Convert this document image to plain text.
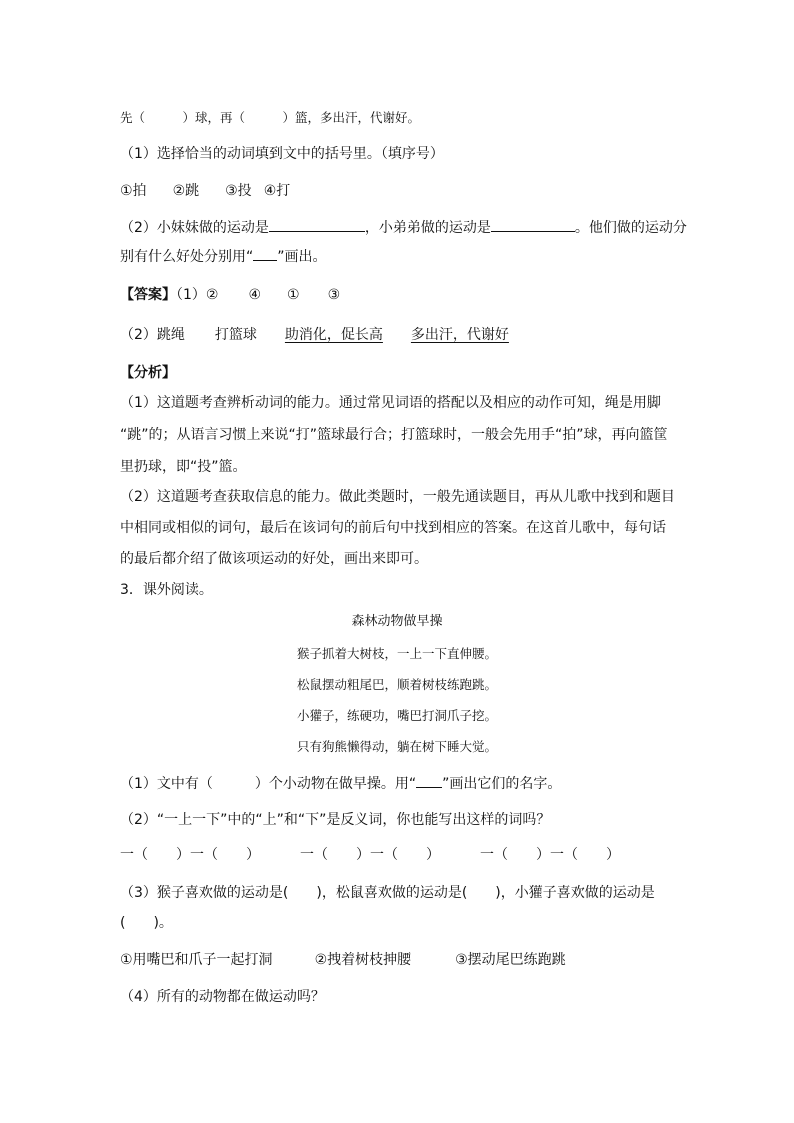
先（　　　）球，再（　　　）篮，多出汗，代谢好。
（1）选择恰当的动词填到文中的括号里。（填序号）
①拍 ②跳 ③投 ④打
（2）小妹妹做的运动是	，小弟弟做的运动是	。他们做的运动分
别有什么好处分别用“ ”画出。
【答案】（1）② ④ ① ③
（2）跳绳 打篮球 助消化，促长高 多出汗，代谢好
【分析】
（1）这道题考查辨析动词的能力。通过常见词语的搭配以及相应的动作可知，绳是用脚
“跳”的；从语言习惯上来说“打”篮球最行合；打篮球时，一般会先用手“拍”球，再向篮筐
里扔球，即“投”篮。
（2）这道题考查获取信息的能力。做此类题时，一般先通读题目，再从儿歌中找到和题目
中相同或相似的词句，最后在该词句的前后句中找到相应的答案。在这首儿歌中，每句话
的最后都介绍了做该项运动的好处，画出来即可。
3．课外阅读。
森林动物做早操
猴子抓着大树枝，一上一下直伸腰。
松鼠摆动粗尾巴，顺着树枝练跑跳。
小獾子，练硬功，嘴巴打洞爪子挖。
只有狗熊懒得动，躺在树下睡大觉。
（1）文中有（　　　）个小动物在做早操。用“ ”画出它们的名字。
（2）“一上一下”中的“上”和“下”是反义词，你也能写出这样的词吗？
一（　　）一（　　）	一（　　）一（　　）	一（　　）一（　　）
（3）猴子喜欢做的运动是(　　)，松鼠喜欢做的运动是(　　)，小獾子喜欢做的运动是
(　　)。
①用嘴巴和爪子一起打洞	②拽着树枝抻腰	③摆动尾巴练跑跳
（4）所有的动物都在做运动吗？
